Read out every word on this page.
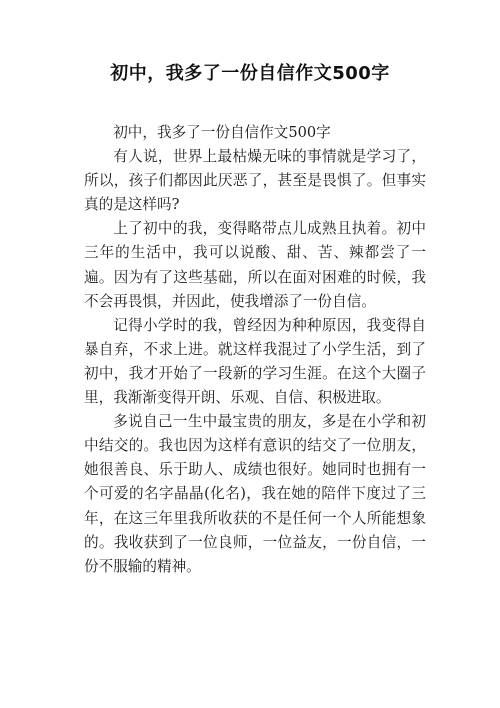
初中，我多了一份自信作文500字

初中，我多了一份自信作文500字

有人说，世界上最枯燥无味的事情就是学习了，所以，孩子们都因此厌恶了，甚至是畏惧了。但事实真的是这样吗?

上了初中的我，变得略带点儿成熟且执着。初中三年的生活中，我可以说酸、甜、苦、辣都尝了一遍。因为有了这些基础，所以在面对困难的时候，我不会再畏惧，并因此，使我增添了一份自信。

记得小学时的我，曾经因为种种原因，我变得自暴自弃，不求上进。就这样我混过了小学生活，到了初中，我才开始了一段新的学习生涯。在这个大圈子里，我渐渐变得开朗、乐观、自信、积极进取。

多说自己一生中最宝贵的朋友，多是在小学和初中结交的。我也因为这样有意识的结交了一位朋友，她很善良、乐于助人、成绩也很好。她同时也拥有一个可爱的名字晶晶(化名)，我在她的陪伴下度过了三年，在这三年里我所收获的不是任何一个人所能想象的。我收获到了一位良师，一位益友，一份自信，一份不服输的精神。
